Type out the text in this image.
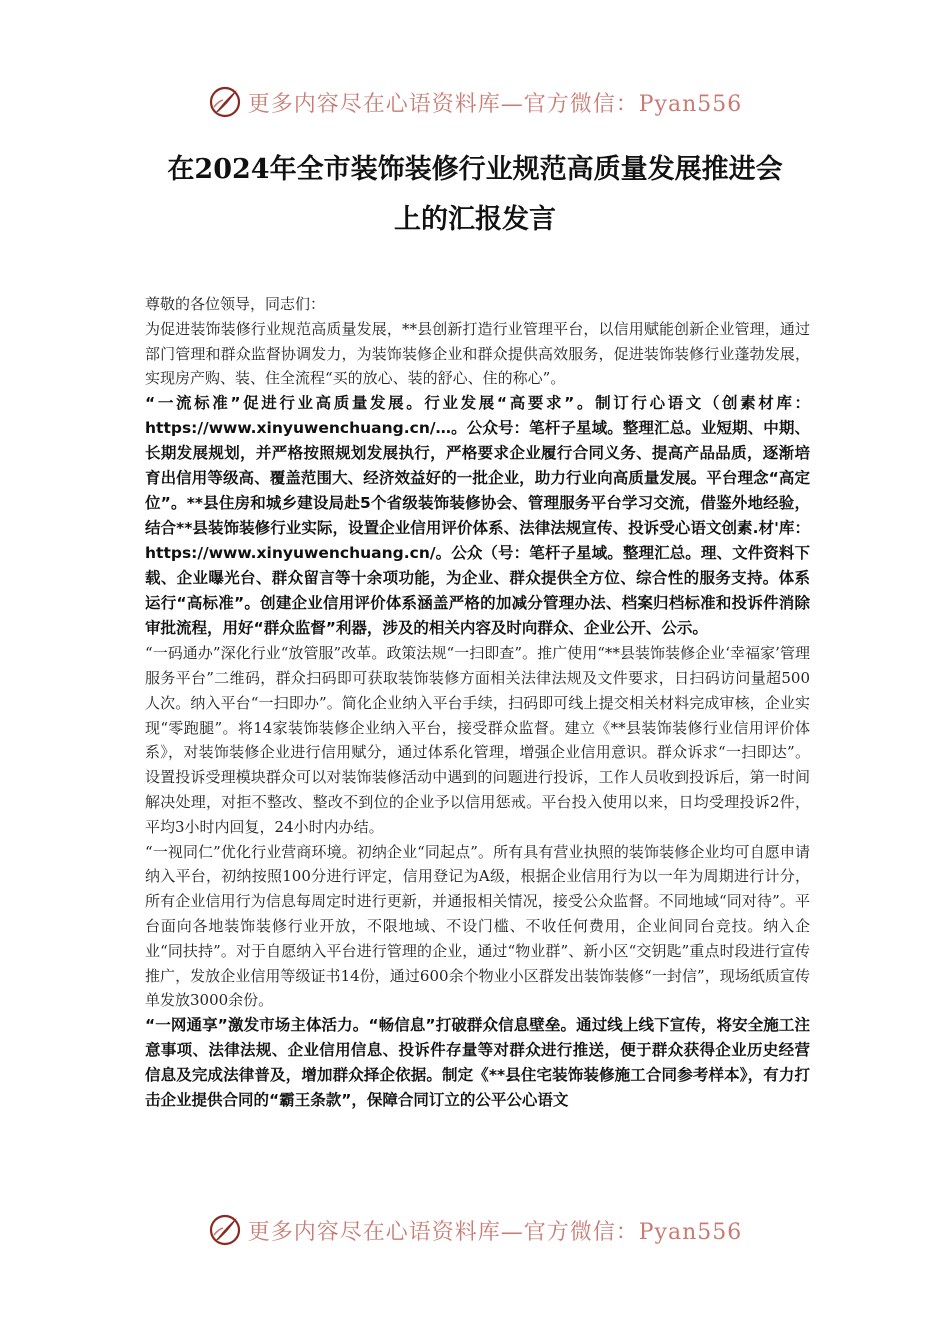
更多内容尽在心语资料库—官方微信：Pyan556
在2024年全市装饰装修行业规范高质量发展推进会
上的汇报发言

尊敬的各位领导，同志们：

为促进装饰装修行业规范高质量发展，**县创新打造行业管理平台，以信用赋能创新企业管理，通过部门管理和群众监督协调发力，为装饰装修企业和群众提供高效服务，促进装饰装修行业蓬勃发展，实现房产购、装、住全流程“买的放心、装的舒心、住的称心”。

“一流标准”促进行业高质量发展。行业发展“高要求”。制订行心语文（创素材库：https://www.xinyuwenchuang.cn/…。公众号：笔杆子星域。整理汇总。业短期、中期、长期发展规划，并严格按照规划发展执行，严格要求企业履行合同义务、提高产品品质，逐渐培育出信用等级高、覆盖范围大、经济效益好的一批企业，助力行业向高质量发展。平台理念“高定位”。**县住房和城乡建设局赴5个省级装饰装修协会、管理服务平台学习交流，借鉴外地经验，结合**县装饰装修行业实际，设置企业信用评价体系、法律法规宣传、投诉受心语文创素.材'库：https://www.xinyuwenchuang.cn/。公众（号：笔杆子星域。整理汇总。理、文件资料下载、企业曝光台、群众留言等十余项功能，为企业、群众提供全方位、综合性的服务支持。体系运行“高标准”。创建企业信用评价体系涵盖严格的加减分管理办法、档案归档标准和投诉件消除审批流程，用好“群众监督”利器，涉及的相关内容及时向群众、企业公开、公示。

“一码通办”深化行业“放管服”改革。政策法规“一扫即查”。推广使用“**县装饰装修企业‘幸福家’管理服务平台”二维码，群众扫码即可获取装饰装修方面相关法律法规及文件要求，日扫码访问量超500人次。纳入平台“一扫即办”。简化企业纳入平台手续，扫码即可线上提交相关材料完成审核，企业实现“零跑腿”。将14家装饰装修企业纳入平台，接受群众监督。建立《**县装饰装修行业信用评价体系》，对装饰装修企业进行信用赋分，通过体系化管理，增强企业信用意识。群众诉求“一扫即达”。设置投诉受理模块群众可以对装饰装修活动中遇到的问题进行投诉，工作人员收到投诉后，第一时间解决处理，对拒不整改、整改不到位的企业予以信用惩戒。平台投入使用以来，日均受理投诉2件，平均3小时内回复，24小时内办结。

“一视同仁”优化行业营商环境。初纳企业“同起点”。所有具有营业执照的装饰装修企业均可自愿申请纳入平台，初纳按照100分进行评定，信用登记为A级，根据企业信用行为以一年为周期进行计分，所有企业信用行为信息每周定时进行更新，并通报相关情况，接受公众监督。不同地域“同对待”。平台面向各地装饰装修行业开放，不限地域、不设门槛、不收任何费用，企业间同台竞技。纳入企业“同扶持”。对于自愿纳入平台进行管理的企业，通过“物业群”、新小区“交钥匙”重点时段进行宣传推广，发放企业信用等级证书14份，通过600余个物业小区群发出装饰装修“一封信”，现场纸质宣传单发放3000余份。

“一网通享”激发市场主体活力。“畅信息”打破群众信息壁垒。通过线上线下宣传，将安全施工注意事项、法律法规、企业信用信息、投诉件存量等对群众进行推送，便于群众获得企业历史经营信息及完成法律普及，增加群众择企依据。制定《**县住宅装饰装修施工合同参考样本》，有力打击企业提供合同的“霸王条款”，保障合同订立的公平公心语文

更多内容尽在心语资料库—官方微信：Pyan556
